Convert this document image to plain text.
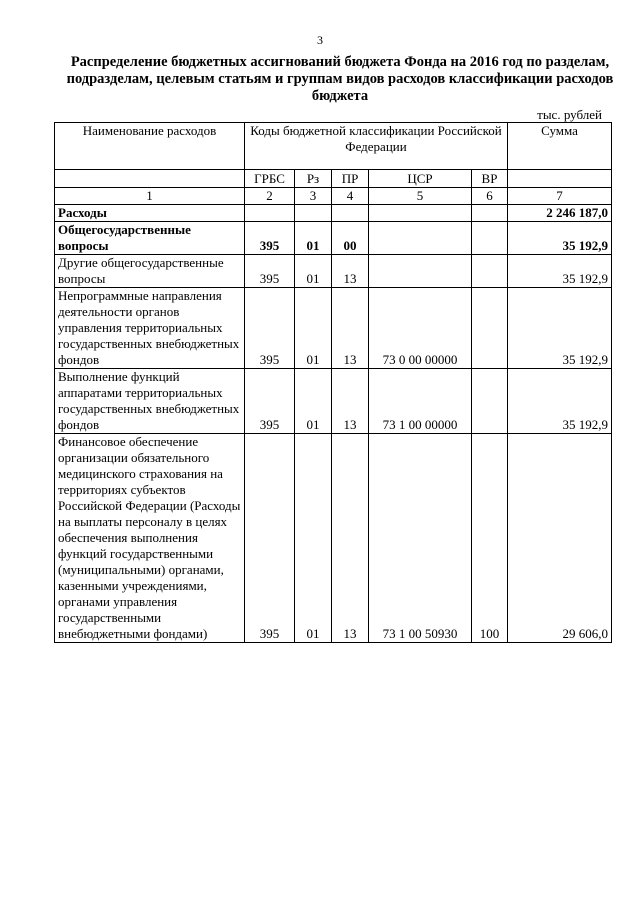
3
Распределение бюджетных ассигнований бюджета Фонда на 2016 год по разделам, подразделам, целевым статьям и группам видов расходов классификации расходов бюджета
тыс. рублей
Наименование расходов	Коды бюджетной классификации Российской Федерации					Сумма
	ГРБС	Рз	ПР	ЦСР	ВР	
1	2	3	4	5	6	7
Расходы						2 246 187,0
Общегосударственные вопросы	395	01	00			35 192,9
Другие общегосударственные вопросы	395	01	13			35 192,9
Непрограммные направления деятельности органов управления территориальных государственных внебюджетных фондов	395	01	13	73 0 00 00000		35 192,9
Выполнение функций аппаратами территориальных государственных внебюджетных фондов	395	01	13	73 1 00 00000		35 192,9
Финансовое обеспечение организации обязательного медицинского страхования на территориях субъектов Российской Федерации (Расходы на выплаты персоналу в целях обеспечения выполнения функций государственными (муниципальными) органами, казенными учреждениями, органами управления государственными внебюджетными фондами)	395	01	13	73 1 00 50930	100	29 606,0
